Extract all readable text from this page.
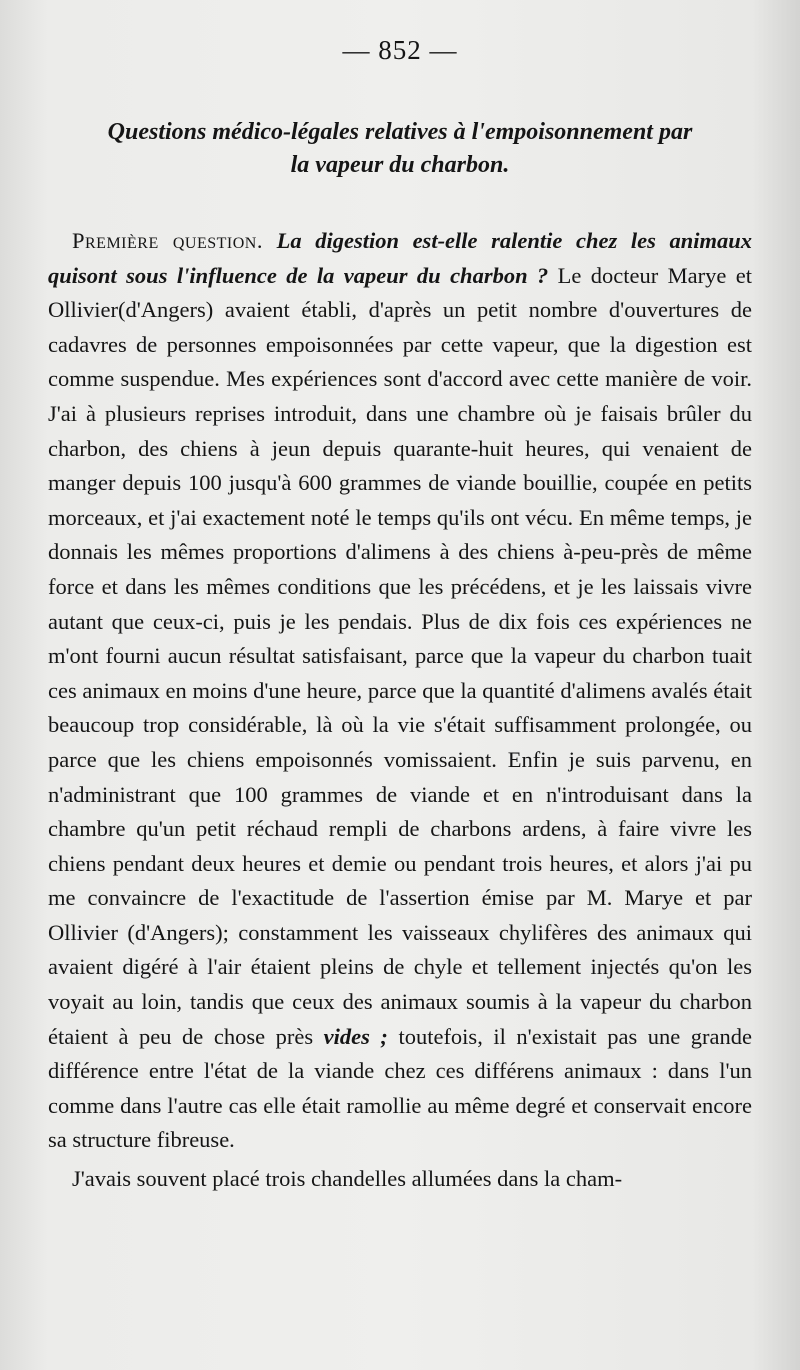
— 852 —
Questions médico-légales relatives à l'empoisonnement par
la vapeur du charbon.

Première question. La digestion est-elle ralentie chez les animaux quisont sous l'influence de la vapeur du charbon ? Le docteur Marye et Ollivier(d'Angers) avaient établi, d'après un petit nombre d'ouvertures de cadavres de personnes empoisonnées par cette vapeur, que la digestion est comme suspendue. Mes expériences sont d'accord avec cette manière de voir. J'ai à plusieurs reprises introduit, dans une chambre où je faisais brûler du charbon, des chiens à jeun depuis quarante-huit heures, qui venaient de manger depuis 100 jusqu'à 600 grammes de viande bouillie, coupée en petits morceaux, et j'ai exactement noté le temps qu'ils ont vécu. En même temps, je donnais les mêmes proportions d'alimens à des chiens à-peu-près de même force et dans les mêmes conditions que les précédens, et je les laissais vivre autant que ceux-ci, puis je les pendais. Plus de dix fois ces expériences ne m'ont fourni aucun résultat satisfaisant, parce que la vapeur du charbon tuait ces animaux en moins d'une heure, parce que la quantité d'alimens avalés était beaucoup trop considérable, là où la vie s'était suffisamment prolongée, ou parce que les chiens empoisonnés vomissaient. Enfin je suis parvenu, en n'administrant que 100 grammes de viande et en n'introduisant dans la chambre qu'un petit réchaud rempli de charbons ardens, à faire vivre les chiens pendant deux heures et demie ou pendant trois heures, et alors j'ai pu me convaincre de l'exactitude de l'assertion émise par M. Marye et par Ollivier (d'Angers); constamment les vaisseaux chylifères des animaux qui avaient digéré à l'air étaient pleins de chyle et tellement injectés qu'on les voyait au loin, tandis que ceux des animaux soumis à la vapeur du charbon étaient à peu de chose près vides ; toutefois, il n'existait pas une grande différence entre l'état de la viande chez ces différens animaux : dans l'un comme dans l'autre cas elle était ramollie au même degré et conservait encore sa structure fibreuse.

J'avais souvent placé trois chandelles allumées dans la cham-
